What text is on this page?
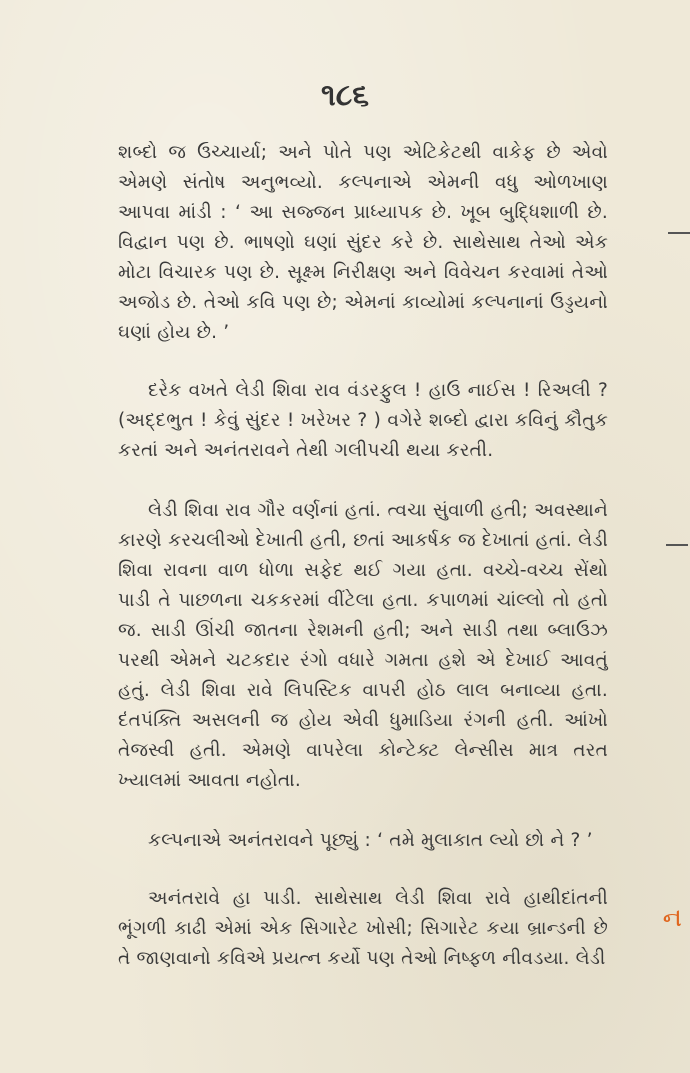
૧૮૬

શબ્દો જ ઉચ્ચાર્યા; અને પોતે પણ એટિકેટથી વાકેફ છે એવો એમણે સંતોષ અનુભવ્યો. કલ્પનાએ એમની વધુ ઓળખાણ આપવા માંડી : ‘ આ સજ્જન પ્રાધ્યાપક છે. ખૂબ બુદ્ધિશાળી છે. વિદ્વાન પણ છે. ભાષણો ઘણાં સુંદર કરે છે. સાથેસાથ તેઓ એક મોટા વિચારક પણ છે. સૂક્ષ્મ નિરીક્ષણ અને વિવેચન કરવામાં તેઓ અજોડ છે. તેઓ કવિ પણ છે; એમનાં કાવ્યોમાં કલ્પનાનાં ઉડ્ડયનો ઘણાં હોય છે. ’

દરેક વખતે લેડી શિવા રાવ વંડરફુલ ! હાઉ નાઈસ ! રિઅલી ? (અદ્દભુત ! કેવું સુંદર ! ખરેખર ? ) વગેરે શબ્દો દ્વારા કવિનું કૌતુક કરતાં અને અનંતરાવને તેથી ગલીપચી થયા કરતી.

લેડી શિવા રાવ ગૌર વર્ણનાં હતાં. ત્વચા સુંવાળી હતી; અવસ્થાને કારણે કરચલીઓ દેખાતી હતી, છતાં આકર્ષક જ દેખાતાં હતાં. લેડી શિવા રાવના વાળ ધોળા સફેદ થઈ ગયા હતા. વચ્ચે-વચ્ચ સેંથો પાડી તે પાછળના ચકકરમાં વીંટેલા હતા. કપાળમાં ચાંલ્લો તો હતો જ. સાડી ઊંચી જાતના રેશમની હતી; અને સાડી તથા બ્લાઉઝ પરથી એમને ચટકદાર રંગો વધારે ગમતા હશે એ દેખાઈ આવતું હતું. લેડી શિવા રાવે લિપસ્ટિક વાપરી હોઠ લાલ બનાવ્યા હતા. દંતપંક્તિ અસલની જ હોય એવી ધુમાડિયા રંગની હતી. આંખો તેજસ્વી હતી. એમણે વાપરેલા કોન્ટેક્ટ લેન્સીસ માત્ર તરત ખ્યાલમાં આવતા નહોતા.

કલ્પનાએ અનંતરાવને પૂછ્યું : ‘ તમે મુલાકાત લ્યો છો ને ? ’

અનંતરાવે હા પાડી. સાથેસાથ લેડી શિવા રાવે હાથીદાંતની ભૂંગળી કાઢી એમાં એક સિગારેટ ખોસી; સિગારેટ કયા બ્રાન્ડની છે તે જાણવાનો કવિએ પ્રયત્ન કર્યો પણ તેઓ નિષ્ફળ નીવડયા. લેડી

ન
